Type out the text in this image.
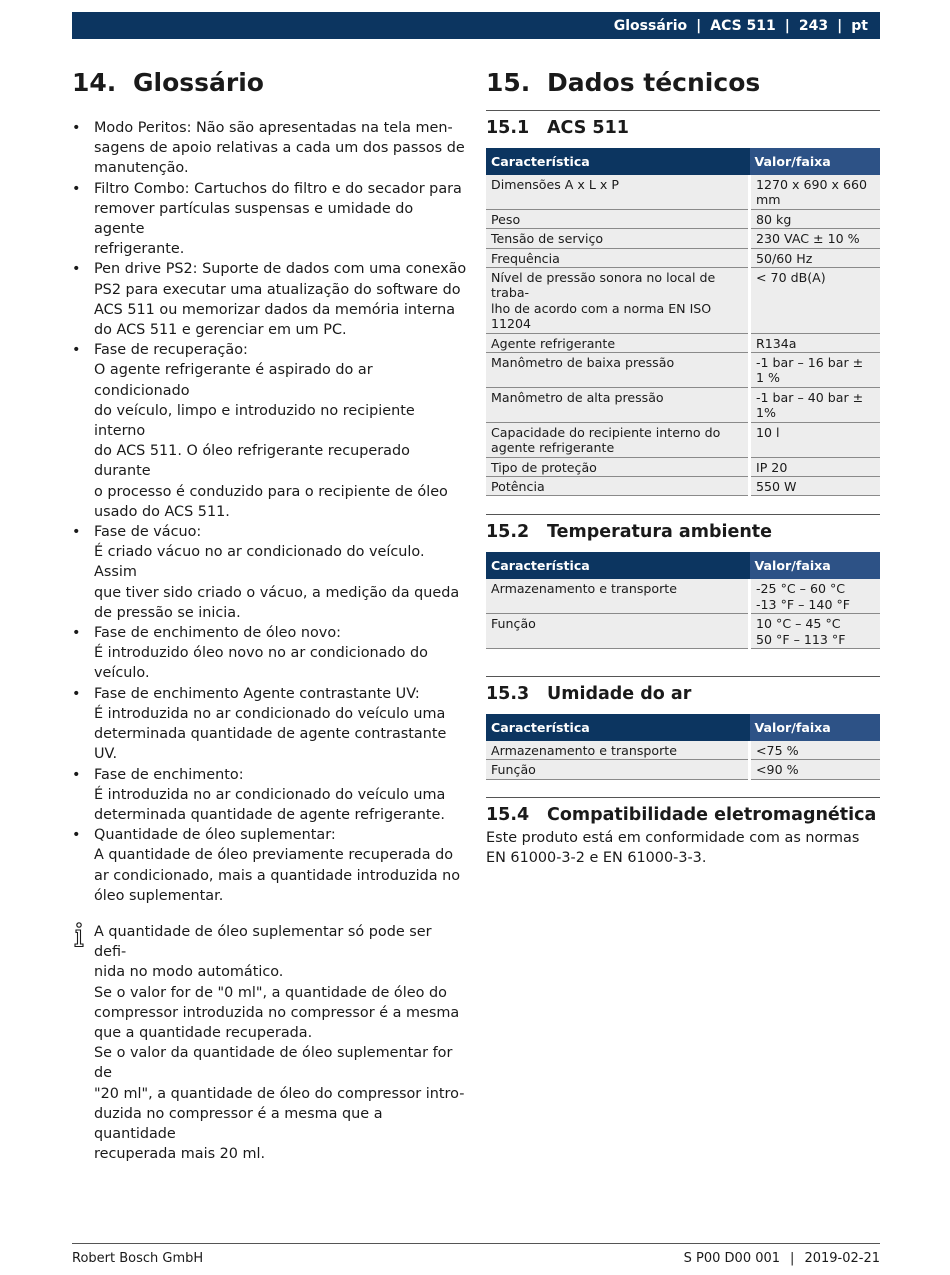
Glossário | ACS 511 | 243 | pt
14. Glossário
• Modo Peritos: Não são apresentadas na tela men-
sagens de apoio relativas a cada um dos passos de
manutenção.
• Filtro Combo: Cartuchos do filtro e do secador para
remover partículas suspensas e umidade do agente
refrigerante.
• Pen drive PS2: Suporte de dados com uma conexão
PS2 para executar uma atualização do software do
ACS 511 ou memorizar dados da memória interna
do ACS 511 e gerenciar em um PC.
• Fase de recuperação:
O agente refrigerante é aspirado do ar condicionado
do veículo, limpo e introduzido no recipiente interno
do ACS 511. O óleo refrigerante recuperado durante
o processo é conduzido para o recipiente de óleo
usado do ACS 511.
• Fase de vácuo:
É criado vácuo no ar condicionado do veículo. Assim
que tiver sido criado o vácuo, a medição da queda
de pressão se inicia.
• Fase de enchimento de óleo novo:
É introduzido óleo novo no ar condicionado do
veículo.
• Fase de enchimento Agente contrastante UV:
É introduzida no ar condicionado do veículo uma
determinada quantidade de agente contrastante UV.
• Fase de enchimento:
É introduzida no ar condicionado do veículo uma
determinada quantidade de agente refrigerante.
• Quantidade de óleo suplementar:
A quantidade de óleo previamente recuperada do
ar condicionado, mais a quantidade introduzida no
óleo suplementar.
A quantidade de óleo suplementar só pode ser defi-
nida no modo automático.
Se o valor for de "0 ml", a quantidade de óleo do
compressor introduzida no compressor é a mesma
que a quantidade recuperada.
Se o valor da quantidade de óleo suplementar for de
"20 ml", a quantidade de óleo do compressor intro-
duzida no compressor é a mesma que a quantidade
recuperada mais 20 ml.
15. Dados técnicos
15.1	ACS 511
Característica	Valor/faixa
Dimensões A x L x P	1270 x 690 x 660 mm
Peso	80 kg
Tensão de serviço	230 VAC ± 10 %
Frequência	50/60 Hz
Nível de pressão sonora no local de traba-
lho de acordo com a norma EN ISO 11204	< 70 dB(A)
Agente refrigerante	R134a
Manômetro de baixa pressão	-1 bar – 16 bar ± 1 %
Manômetro de alta pressão	-1 bar – 40 bar ± 1%
Capacidade do recipiente interno do
agente refrigerante	10 l
Tipo de proteção	IP 20
Potência	550 W
15.2	Temperatura ambiente
Característica	Valor/faixa
Armazenamento e transporte	-25 °C – 60 °C
-13 °F – 140 °F
Função	10 °C – 45 °C
50 °F – 113 °F
15.3	Umidade do ar
Característica	Valor/faixa
Armazenamento e transporte	<75 %
Função	<90 %
15.4	Compatibilidade eletromagnética
Este produto está em conformidade com as normas
EN 61000-3-2 e EN 61000-3-3.
Robert Bosch GmbH	S P00 D00 001 | 2019-02-21
